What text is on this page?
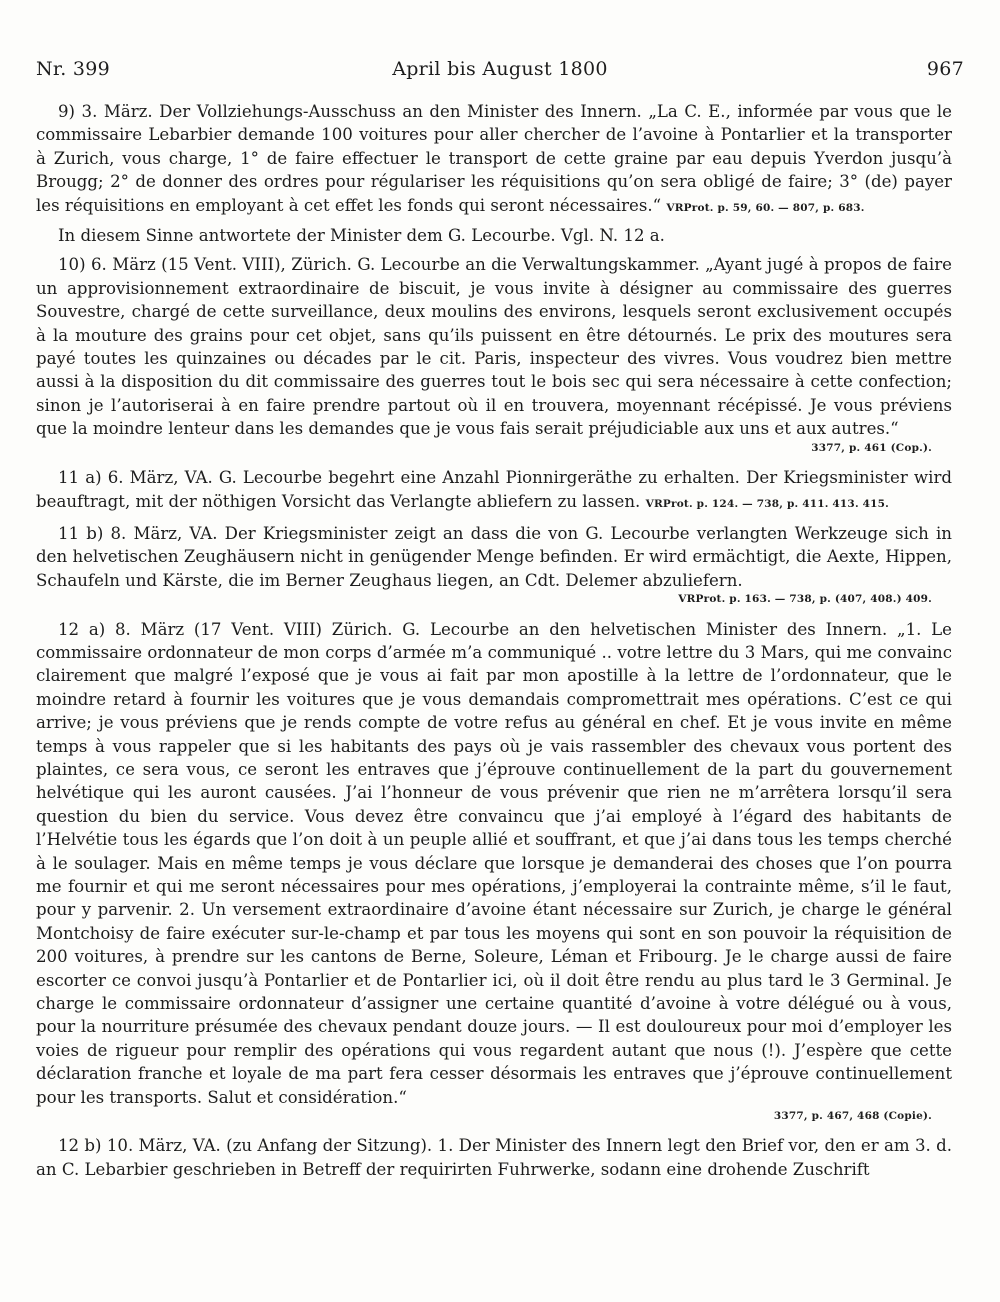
Nr. 399	April bis August 1800	967

9) 3. März. Der Vollziehungs-Ausschuss an den Minister des Innern. „La C. E., informée par vous que le commissaire Lebarbier demande 100 voitures pour aller chercher de l’avoine à Pontarlier et la transporter à Zurich, vous charge, 1° de faire effectuer le transport de cette graine par eau depuis Yverdon jusqu’à Brougg; 2° de donner des ordres pour régulariser les réquisitions qu’on sera obligé de faire; 3° (de) payer les réquisitions en employant à cet effet les fonds qui seront nécessaires.“ VRProt. p. 59, 60. — 807, p. 683.

In diesem Sinne antwortete der Minister dem G. Lecourbe. Vgl. N. 12 a.

10) 6. März (15 Vent. VIII), Zürich. G. Lecourbe an die Verwaltungskammer. „Ayant jugé à propos de faire un approvisionnement extraordinaire de biscuit, je vous invite à désigner au commissaire des guerres Souvestre, chargé de cette surveillance, deux moulins des environs, lesquels seront exclusivement occupés à la mouture des grains pour cet objet, sans qu’ils puissent en être détournés. Le prix des moutures sera payé toutes les quinzaines ou décades par le cit. Paris, inspecteur des vivres. Vous voudrez bien mettre aussi à la disposition du dit commissaire des guerres tout le bois sec qui sera nécessaire à cette confection; sinon je l’autoriserai à en faire prendre partout où il en trouvera, moyennant récépissé. Je vous préviens que la moindre lenteur dans les demandes que je vous fais serait préjudiciable aux uns et aux autres.“

3377, p. 461 (Cop.).

11 a) 6. März, VA. G. Lecourbe begehrt eine Anzahl Pionnirgeräthe zu erhalten. Der Kriegsminister wird beauftragt, mit der nöthigen Vorsicht das Verlangte abliefern zu lassen. VRProt. p. 124. — 738, p. 411. 413. 415.

11 b) 8. März, VA. Der Kriegsminister zeigt an dass die von G. Lecourbe verlangten Werkzeuge sich in den helvetischen Zeughäusern nicht in genügender Menge befinden. Er wird ermächtigt, die Aexte, Hippen, Schaufeln und Kärste, die im Berner Zeughaus liegen, an Cdt. Delemer abzuliefern.

VRProt. p. 163. — 738, p. (407, 408.) 409.

12 a) 8. März (17 Vent. VIII) Zürich. G. Lecourbe an den helvetischen Minister des Innern. „1. Le commissaire ordonnateur de mon corps d’armée m’a communiqué .. votre lettre du 3 Mars, qui me convainc clairement que malgré l’exposé que je vous ai fait par mon apostille à la lettre de l’ordonnateur, que le moindre retard à fournir les voitures que je vous demandais compromettrait mes opérations. C’est ce qui arrive; je vous préviens que je rends compte de votre refus au général en chef. Et je vous invite en même temps à vous rappeler que si les habitants des pays où je vais rassembler des chevaux vous portent des plaintes, ce sera vous, ce seront les entraves que j’éprouve continuellement de la part du gouvernement helvétique qui les auront causées. J’ai l’honneur de vous prévenir que rien ne m’arrêtera lorsqu’il sera question du bien du service. Vous devez être convaincu que j’ai employé à l’égard des habitants de l’Helvétie tous les égards que l’on doit à un peuple allié et souffrant, et que j’ai dans tous les temps cherché à le soulager. Mais en même temps je vous déclare que lorsque je demanderai des choses que l’on pourra me fournir et qui me seront nécessaires pour mes opérations, j’employerai la contrainte même, s’il le faut, pour y parvenir. 2. Un versement extraordinaire d’avoine étant nécessaire sur Zurich, je charge le général Montchoisy de faire exécuter sur-le-champ et par tous les moyens qui sont en son pouvoir la réquisition de 200 voitures, à prendre sur les cantons de Berne, Soleure, Léman et Fribourg. Je le charge aussi de faire escorter ce convoi jusqu’à Pontarlier et de Pontarlier ici, où il doit être rendu au plus tard le 3 Germinal. Je charge le commissaire ordonnateur d’assigner une certaine quantité d’avoine à votre délégué ou à vous, pour la nourriture présumée des chevaux pendant douze jours. — Il est douloureux pour moi d’employer les voies de rigueur pour remplir des opérations qui vous regardent autant que nous (!). J’espère que cette déclaration franche et loyale de ma part fera cesser désormais les entraves que j’éprouve continuellement pour les transports. Salut et considération.“

3377, p. 467, 468 (Copie).

12 b) 10. März, VA. (zu Anfang der Sitzung). 1. Der Minister des Innern legt den Brief vor, den er am 3. d. an C. Lebarbier geschrieben in Betreff der requirirten Fuhrwerke, sodann eine drohende Zuschrift
